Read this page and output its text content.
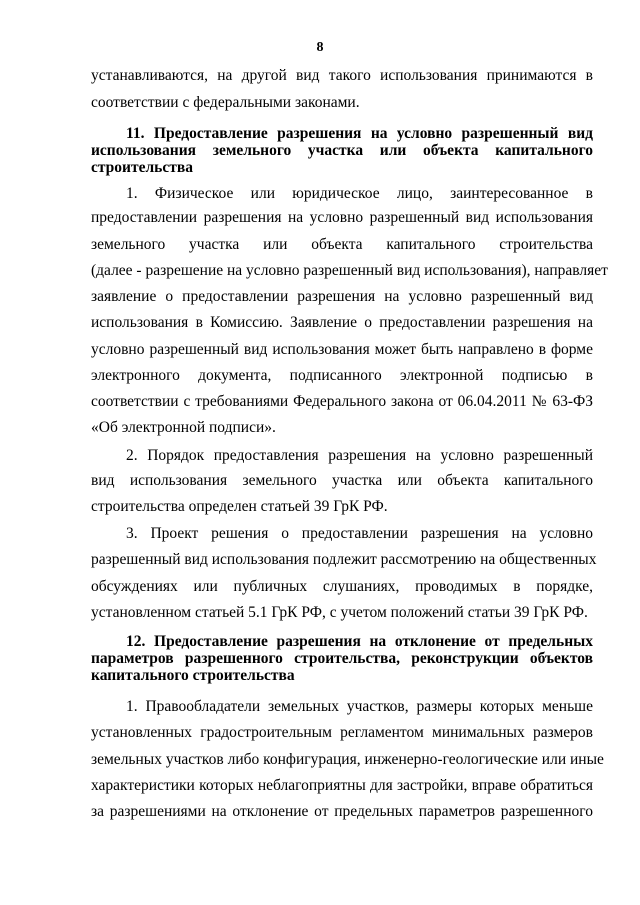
8
устанавливаются, на другой вид такого использования принимаются в
соответствии с федеральными законами.
11. Предоставление разрешения на условно разрешенный вид
использования земельного участка или объекта капитального
строительства
1. Физическое или юридическое лицо, заинтересованное в
предоставлении разрешения на условно разрешенный вид использования
земельного участка или объекта капитального строительства
(далее - разрешение на условно разрешенный вид использования), направляет
заявление о предоставлении разрешения на условно разрешенный вид
использования в Комиссию. Заявление о предоставлении разрешения на
условно разрешенный вид использования может быть направлено в форме
электронного документа, подписанного электронной подписью в
соответствии с требованиями Федерального закона от 06.04.2011 № 63-ФЗ
«Об электронной подписи».
2. Порядок предоставления разрешения на условно разрешенный
вид использования земельного участка или объекта капитального
строительства определен статьей 39 ГрК РФ.
3. Проект решения о предоставлении разрешения на условно
разрешенный вид использования подлежит рассмотрению на общественных
обсуждениях или публичных слушаниях, проводимых в порядке,
установленном статьей 5.1 ГрК РФ, с учетом положений статьи 39 ГрК РФ.
12. Предоставление разрешения на отклонение от предельных
параметров разрешенного строительства, реконструкции объектов
капитального строительства
1. Правообладатели земельных участков, размеры которых меньше
установленных градостроительным регламентом минимальных размеров
земельных участков либо конфигурация, инженерно-геологические или иные
характеристики которых неблагоприятны для застройки, вправе обратиться
за разрешениями на отклонение от предельных параметров разрешенного
